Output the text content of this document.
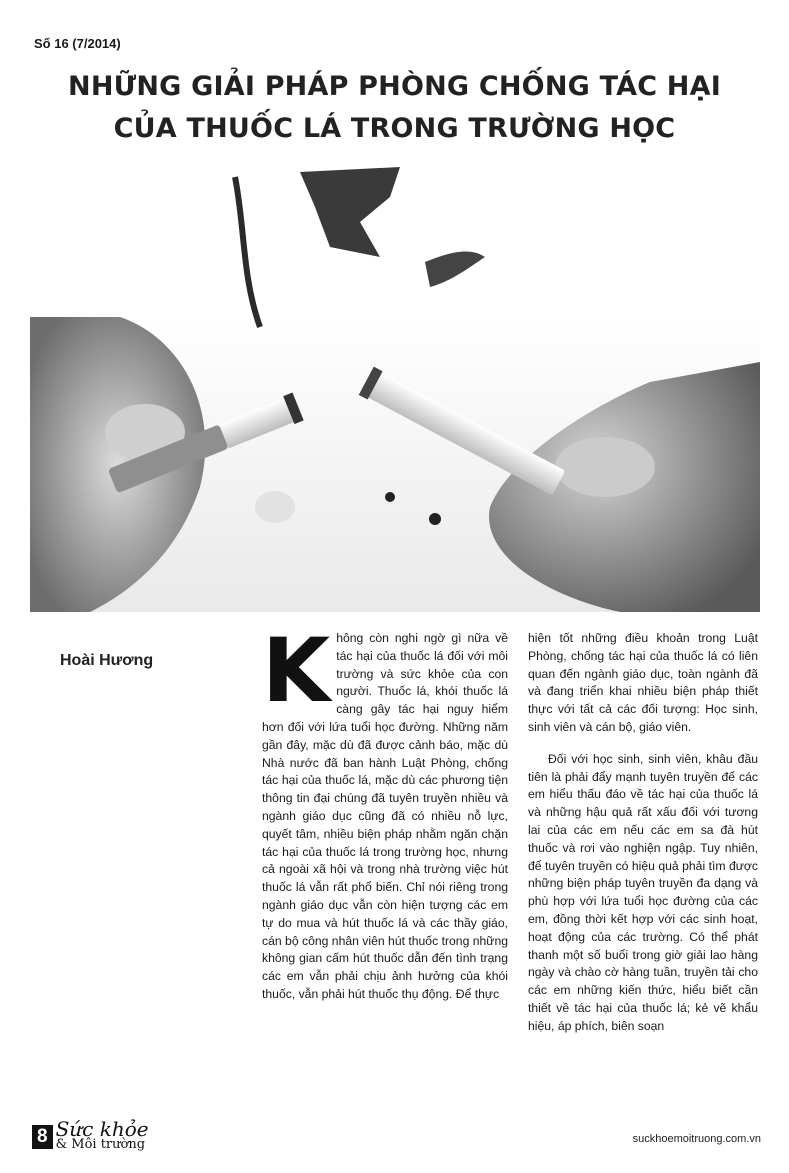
Số 16 (7/2014)
NHỮNG GIẢI PHÁP PHÒNG CHỐNG TÁC HẠI
CỦA THUỐC LÁ TRONG TRƯỜNG HỌC
Hoài Hương K hông còn nghi ngờ gì nữa về tác hại của thuốc lá đối với môi trường và sức khỏe của con người. Thuốc lá, khói thuốc lá càng gây tác hại nguy hiểm hơn đối với lứa tuổi học đường. Những năm gần đây, mặc dù đã được cảnh báo, mặc dù Nhà nước đã ban hành Luật Phòng, chống tác hại của thuốc lá, mặc dù các phương tiện thông tin đại chúng đã tuyên truyền nhiều và ngành giáo dục cũng đã có nhiều nỗ lực, quyết tâm, nhiều biện pháp nhằm ngăn chặn tác hại của thuốc lá trong trường học, nhưng cả ngoài xã hội và trong nhà trường việc hút thuốc lá vẫn rất phổ biến. Chỉ nói riêng trong ngành giáo dục vẫn còn hiện tượng các em tự do mua và hút thuốc lá và các thầy giáo, cán bộ công nhân viên hút thuốc trong những không gian cấm hút thuốc dẫn đến tình trạng các em vẫn phải chịu ảnh hưởng của khói thuốc, vẫn phải hút thuốc thụ động. Để thực

hiện tốt những điều khoản trong Luật Phòng, chống tác hại của thuốc lá có liên quan đến ngành giáo dục, toàn ngành đã và đang triển khai nhiều biện pháp thiết thực với tất cả các đối tượng: Học sinh, sinh viên và cán bộ, giáo viên.

Đối với học sinh, sinh viên, khâu đầu tiên là phải đẩy mạnh tuyên truyền để các em hiểu thấu đáo về tác hại của thuốc lá và những hậu quả rất xấu đối với tương lai của các em nếu các em sa đà hút thuốc và rơi vào nghiện ngập. Tuy nhiên, để tuyên truyền có hiệu quả phải tìm được những biện pháp tuyên truyền đa dạng và phù hợp với lứa tuổi học đường của các em, đồng thời kết hợp với các sinh hoạt, hoạt động của các trường. Có thể phát thanh một số buổi trong giờ giải lao hàng ngày và chào cờ hàng tuần, truyền tải cho các em những kiến thức, hiểu biết cần thiết về tác hại của thuốc lá; kẻ vẽ khẩu hiệu, áp phích, biên soạn

8 Sức khỏe
& Môi trường	suckhoemoitruong.com.vn
